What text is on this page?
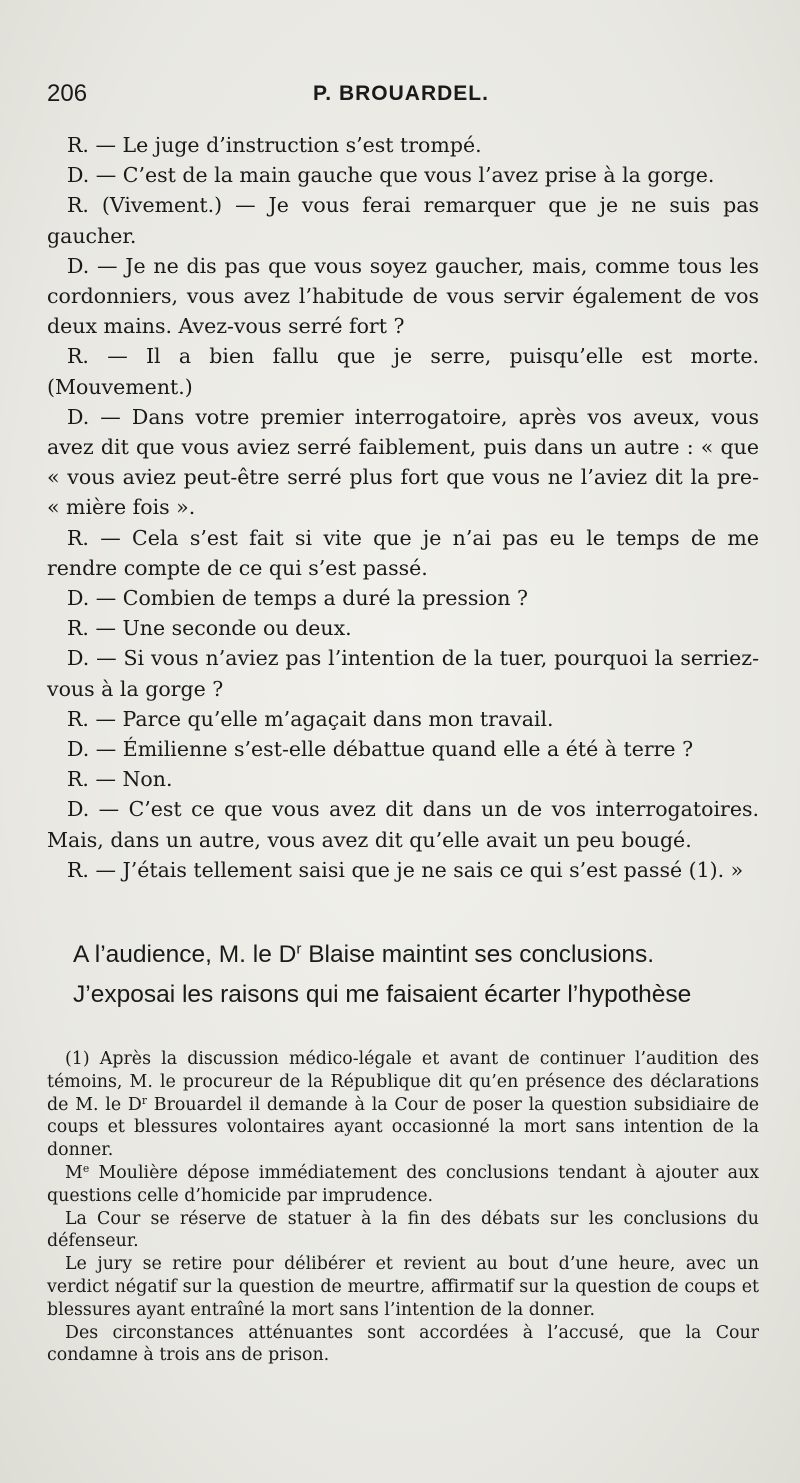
206	P. BROUARDEL.
R. — Le juge d’instruction s’est trompé.
D. — C’est de la main gauche que vous l’avez prise à la gorge.
R. (Vivement.) — Je vous ferai remarquer que je ne suis pas gaucher.
D. — Je ne dis pas que vous soyez gaucher, mais, comme tous les cordonniers, vous avez l’habitude de vous servir également de vos deux mains. Avez-vous serré fort ?
R. — Il a bien fallu que je serre, puisqu’elle est morte. (Mouvement.)
D. — Dans votre premier interrogatoire, après vos aveux, vous avez dit que vous aviez serré faiblement, puis dans un autre : « que « vous aviez peut-être serré plus fort que vous ne l’aviez dit la pre- « mière fois ».
R. — Cela s’est fait si vite que je n’ai pas eu le temps de me rendre compte de ce qui s’est passé.
D. — Combien de temps a duré la pression ?
R. — Une seconde ou deux.
D. — Si vous n’aviez pas l’intention de la tuer, pourquoi la serriez-vous à la gorge ?
R. — Parce qu’elle m’agaçait dans mon travail.
D. — Émilienne s’est-elle débattue quand elle a été à terre ?
R. — Non.
D. — C’est ce que vous avez dit dans un de vos interrogatoires. Mais, dans un autre, vous avez dit qu’elle avait un peu bougé.
R. — J’étais tellement saisi que je ne sais ce qui s’est passé (1). »
A l’audience, M. le $D^r$ Blaise maintint ses conclusions.
J’exposai les raisons qui me faisaient écarter l’hypothèse
(1) Après la discussion médico-légale et avant de continuer l’audition des témoins, M. le procureur de la République dit qu’en présence des déclarations de M. le $D^r$ Brouardel il demande à la Cour de poser la question subsidiaire de coups et blessures volontaires ayant occasionné la mort sans intention de la donner.
Me Moulière dépose immédiatement des conclusions tendant à ajouter aux questions celle d’homicide par imprudence.
La Cour se réserve de statuer à la fin des débats sur les conclusions du défenseur.
Le jury se retire pour délibérer et revient au bout d’une heure, avec un verdict négatif sur la question de meurtre, affirmatif sur la question de coups et blessures ayant entraîné la mort sans l’intention de la donner.
Des circonstances atténuantes sont accordées à l’accusé, que la Cour condamne à trois ans de prison.
